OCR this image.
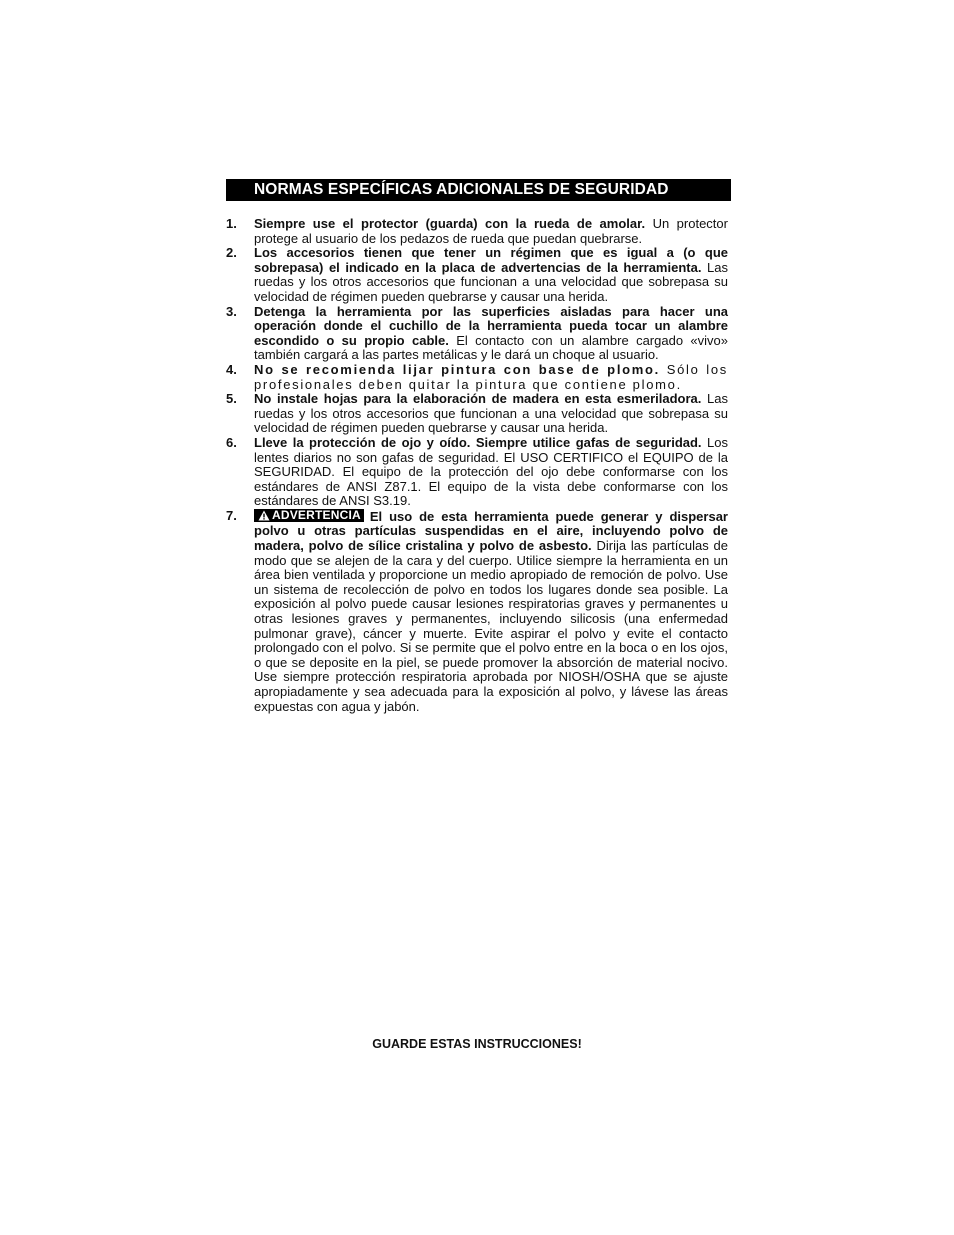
NORMAS ESPECÍFICAS ADICIONALES DE SEGURIDAD
1.	Siempre use el protector (guarda) con la rueda de amolar. Un protector protege al usuario de los pedazos de rueda que puedan quebrarse.
2.	Los accesorios tienen que tener un régimen que es igual a (o que sobrepasa) el indicado en la placa de advertencias de la herramienta. Las ruedas y los otros accesorios que funcionan a una velocidad que sobrepasa su velocidad de régimen pueden quebrarse y causar una herida.
3.	Detenga la herramienta por las superficies aisladas para hacer una operación donde el cuchillo de la herramienta pueda tocar un alambre escondido o su propio cable. El contacto con un alambre cargado «vivo» también cargará a las partes metálicas y le dará un choque al usuario.
4.	No se recomienda lijar pintura con base de plomo. Sólo los profesionales deben quitar la pintura que contiene plomo.
5.	No instale hojas para la elaboración de madera en esta esmeriladora. Las ruedas y los otros accesorios que funcionan a una velocidad que sobrepasa su velocidad de régimen pueden quebrarse y causar una herida.
6.	Lleve la protección de ojo y oído. Siempre utilice gafas de seguridad. Los lentes diarios no son gafas de seguridad. El USO CERTIFICO el EQUIPO de la SEGURIDAD. El equipo de la protección del ojo debe conformarse con los estándares de ANSI Z87.1. El equipo de la vista debe conformarse con los estándares de ANSI S3.19.
7.	ADVERTENCIA El uso de esta herramienta puede generar y dispersar polvo u otras partículas suspendidas en el aire, incluyendo polvo de madera, polvo de sílice cristalina y polvo de asbesto. Dirija las partículas de modo que se alejen de la cara y del cuerpo. Utilice siempre la herramienta en un área bien ventilada y proporcione un medio apropiado de remoción de polvo. Use un sistema de recolección de polvo en todos los lugares donde sea posible. La exposición al polvo puede causar lesiones respiratorias graves y permanentes u otras lesiones graves y permanentes, incluyendo silicosis (una enfermedad pulmonar grave), cáncer y muerte. Evite aspirar el polvo y evite el contacto prolongado con el polvo. Si se permite que el polvo entre en la boca o en los ojos, o que se deposite en la piel, se puede promover la absorción de material nocivo. Use siempre protección respiratoria aprobada por NIOSH/OSHA que se ajuste apropiadamente y sea adecuada para la exposición al polvo, y lávese las áreas expuestas con agua y jabón.
GUARDE ESTAS INSTRUCCIONES!
